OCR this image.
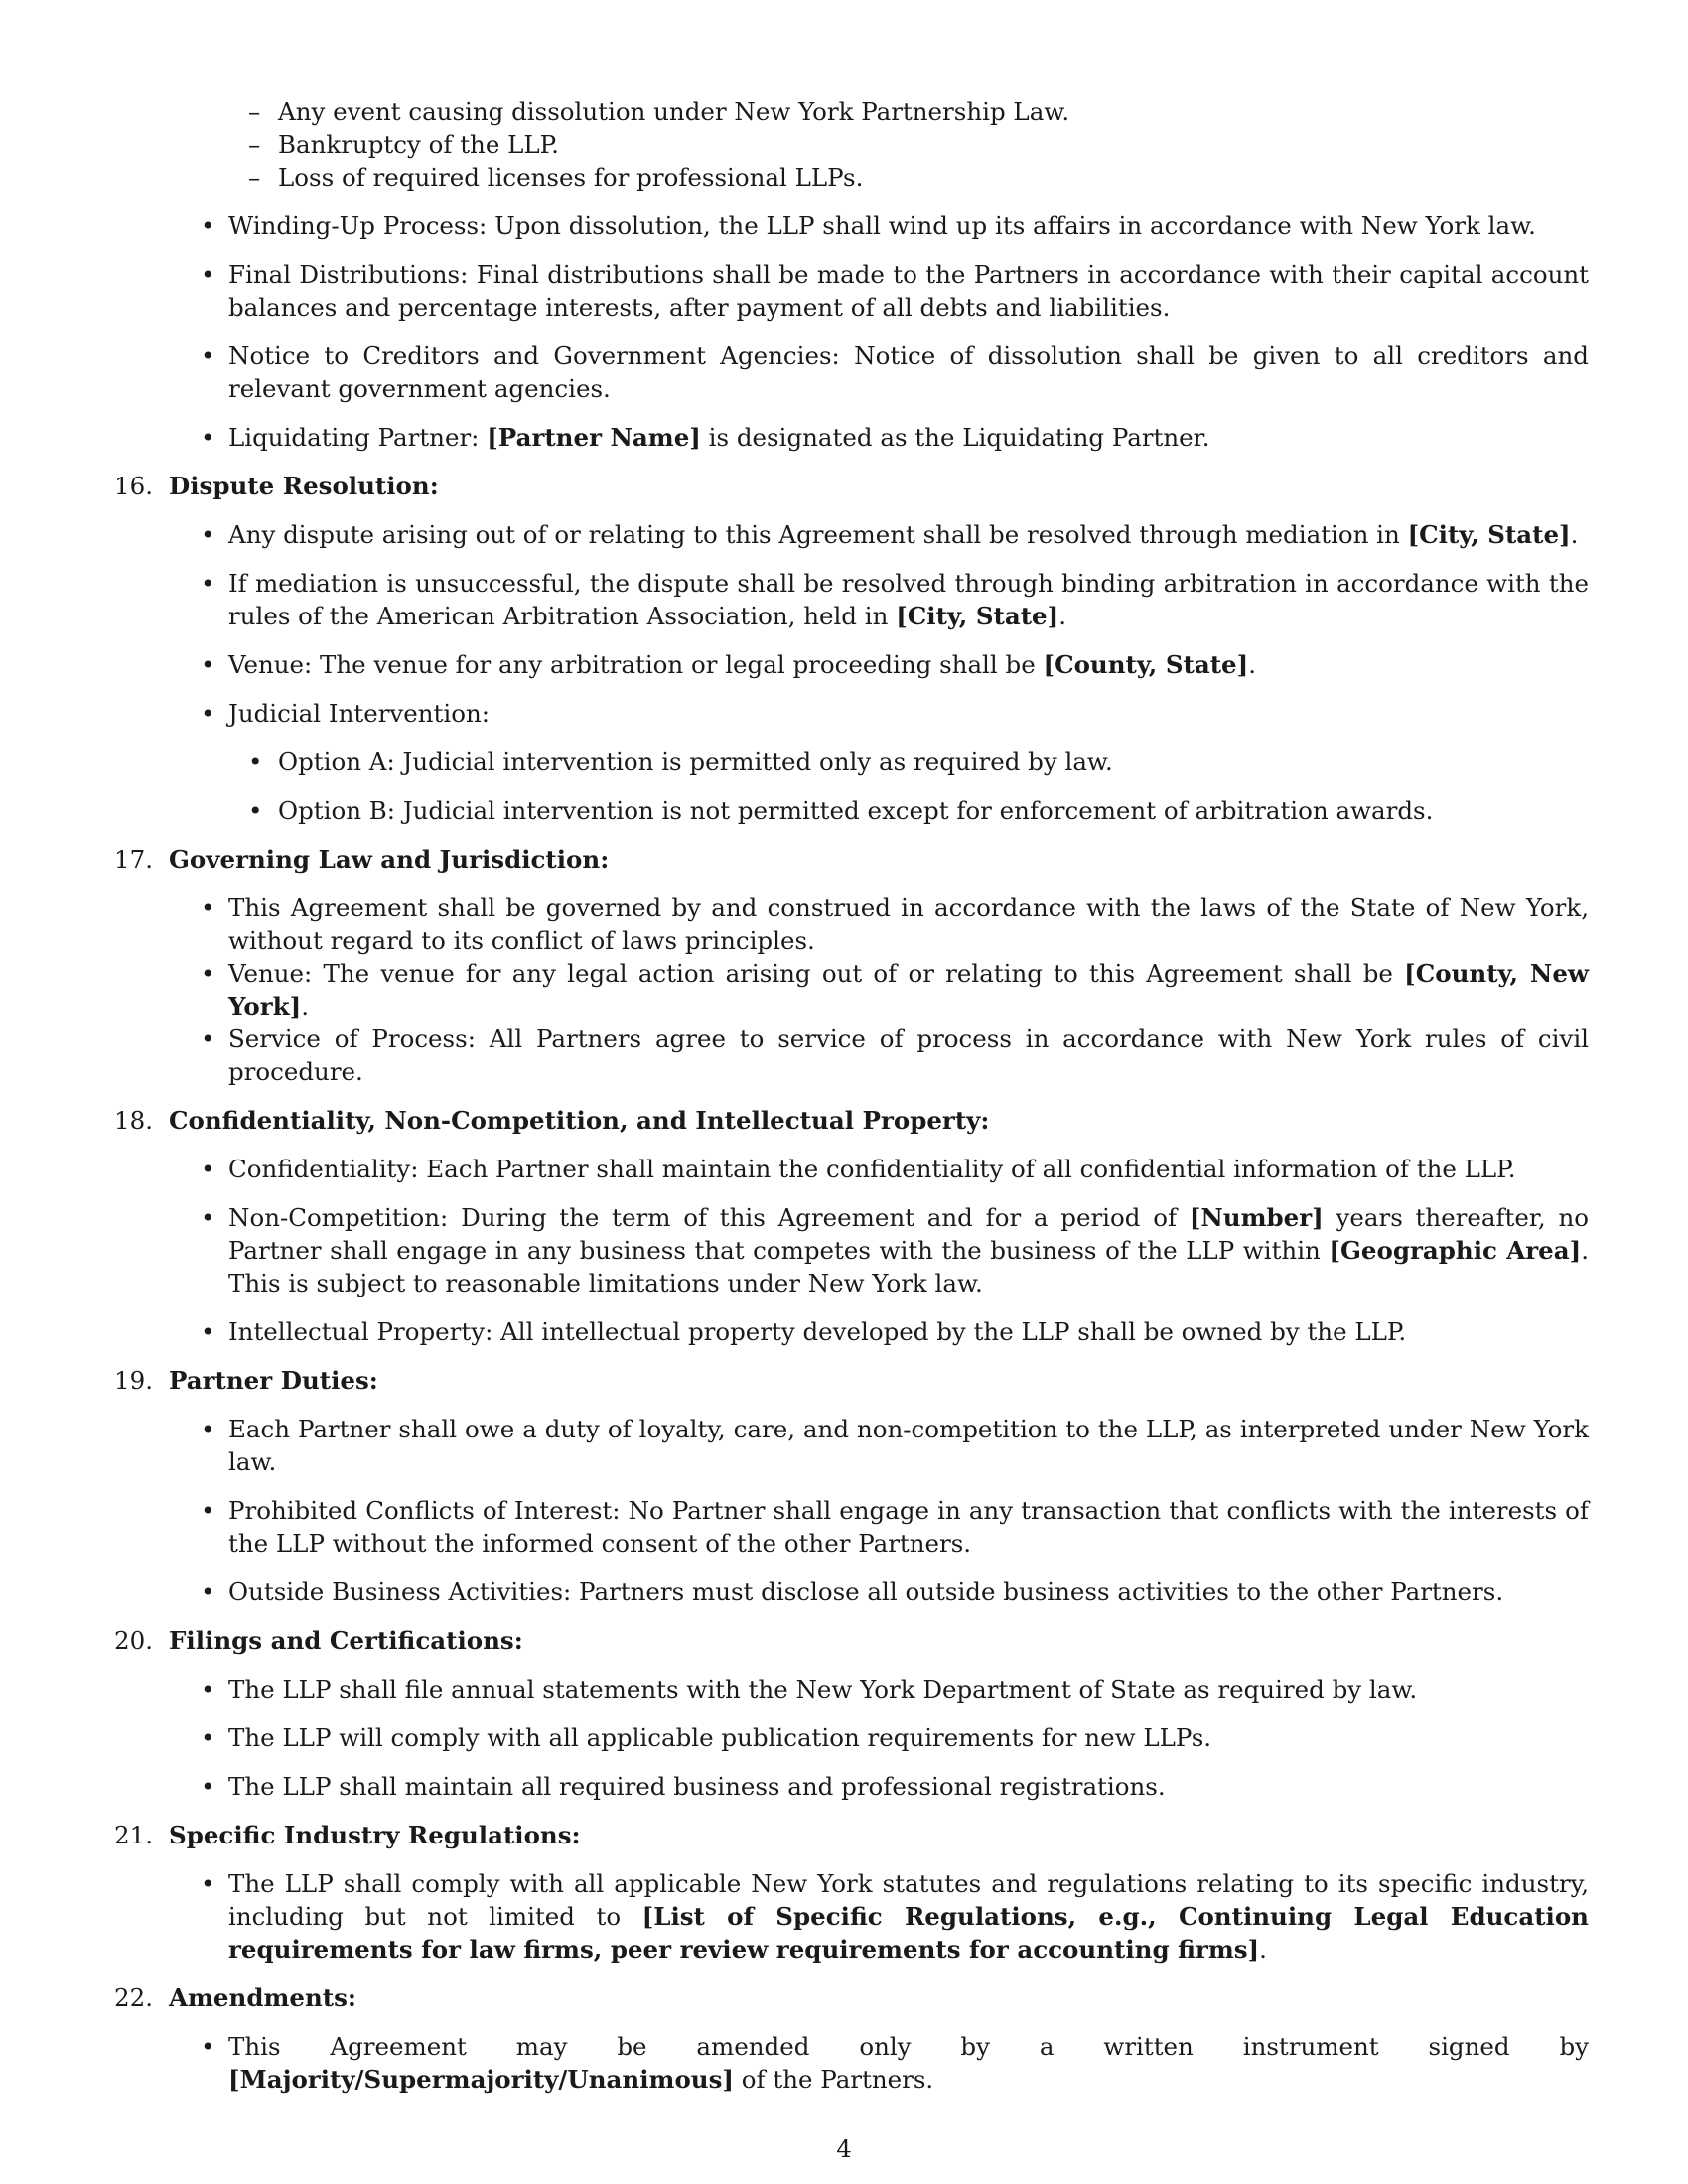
– Any event causing dissolution under New York Partnership Law.
– Bankruptcy of the LLP.
– Loss of required licenses for professional LLPs.
• Winding-Up Process: Upon dissolution, the LLP shall wind up its affairs in accordance with New York law.
• Final Distributions: Final distributions shall be made to the Partners in accordance with their capital account balances and percentage interests, after payment of all debts and liabilities.
• Notice to Creditors and Government Agencies: Notice of dissolution shall be given to all creditors and relevant government agencies.
• Liquidating Partner: [Partner Name] is designated as the Liquidating Partner.

16. Dispute Resolution:

• Any dispute arising out of or relating to this Agreement shall be resolved through mediation in [City, State].
• If mediation is unsuccessful, the dispute shall be resolved through binding arbitration in accordance with the rules of the American Arbitration Association, held in [City, State].
• Venue: The venue for any arbitration or legal proceeding shall be [County, State].
• Judicial Intervention:
• Option A: Judicial intervention is permitted only as required by law.
• Option B: Judicial intervention is not permitted except for enforcement of arbitration awards.

17. Governing Law and Jurisdiction:

• This Agreement shall be governed by and construed in accordance with the laws of the State of New York, without regard to its conflict of laws principles.
• Venue: The venue for any legal action arising out of or relating to this Agreement shall be [County, New York].
• Service of Process: All Partners agree to service of process in accordance with New York rules of civil procedure.

18. Confidentiality, Non-Competition, and Intellectual Property:

• Confidentiality: Each Partner shall maintain the confidentiality of all confidential information of the LLP.
• Non-Competition: During the term of this Agreement and for a period of [Number] years thereafter, no Partner shall engage in any business that competes with the business of the LLP within [Geographic Area]. This is subject to reasonable limitations under New York law.
• Intellectual Property: All intellectual property developed by the LLP shall be owned by the LLP.

19. Partner Duties:

• Each Partner shall owe a duty of loyalty, care, and non-competition to the LLP, as interpreted under New York law.
• Prohibited Conflicts of Interest: No Partner shall engage in any transaction that conflicts with the interests of the LLP without the informed consent of the other Partners.
• Outside Business Activities: Partners must disclose all outside business activities to the other Partners.

20. Filings and Certifications:

• The LLP shall file annual statements with the New York Department of State as required by law.
• The LLP will comply with all applicable publication requirements for new LLPs.
• The LLP shall maintain all required business and professional registrations.

21. Specific Industry Regulations:

• The LLP shall comply with all applicable New York statutes and regulations relating to its specific industry, including but not limited to [List of Specific Regulations, e.g., Continuing Legal Education requirements for law firms, peer review requirements for accounting firms].

22. Amendments:

• This Agreement may be amended only by a written instrument signed by [Majority/Supermajority/Unanimous] of the Partners.
4
